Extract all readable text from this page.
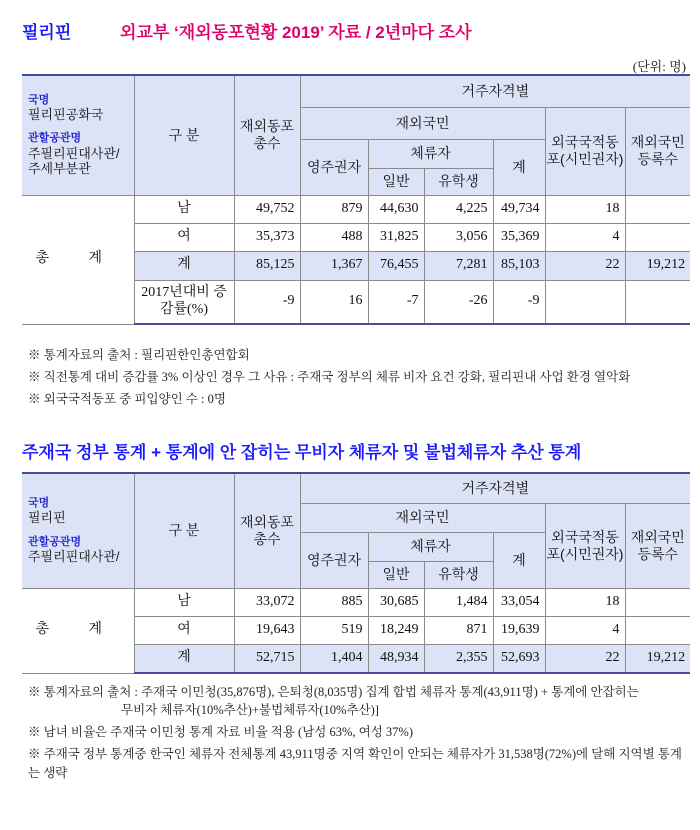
필리핀	외교부 ‘재외동포현황 2019’ 자료 / 2년마다 조사
(단위: 명)
국명
필리핀공화국
관할공관명
주필리핀대사관/
주세부분관	구 분	재외동포총수	거주자격별					
			재외국민				외국국적동포(시민권자)	재외국민등록수
			영주권자	체류자		계		
				일반	유학생			
총 계	남	49,752	879	44,630	4,225	49,734	18	
	여	35,373	488	31,825	3,056	35,369	4	
	계	85,125	1,367	76,455	7,281	85,103	22	19,212
	2017년대비 증감률(%)	-9	16	-7	-26	-9		

※ 통계자료의 출처 : 필리핀한인총연합회

※ 직전통계 대비 증감률 3% 이상인 경우 그 사유 : 주재국 정부의 체류 비자 요건 강화, 필리핀내 사업 환경 열악화

※ 외국국적동포 중 피입양인 수 : 0명

주재국 정부 통계 + 통계에 안 잡히는 무비자 체류자 및 불법체류자 추산 통계
국명
필리핀
관할공관명
주필리핀대사관/	구 분	재외동포총수	거주자격별					
			재외국민				외국국적동포(시민권자)	재외국민등록수
			영주권자	체류자		계		
				일반	유학생			
총 계	남	33,072	885	30,685	1,484	33,054	18	
	여	19,643	519	18,249	871	19,639	4	
	계	52,715	1,404	48,934	2,355	52,693	22	19,212

※ 통계자료의 출처 : 주재국 이민청(35,876명), 은퇴청(8,035명) 집계 합법 체류자 통계(43,911명) + 통계에 안잡히는

무비자 체류자(10%추산)+불법체류자(10%추산)]

※ 남녀 비율은 주재국 이민청 통계 자료 비율 적용 (남성 63%, 여성 37%)

※ 주재국 정부 통계중 한국인 체류자 전체통계 43,911명중 지역 확인이 안되는 체류자가 31,538명(72%)에 달해 지역별 통계는 생략
